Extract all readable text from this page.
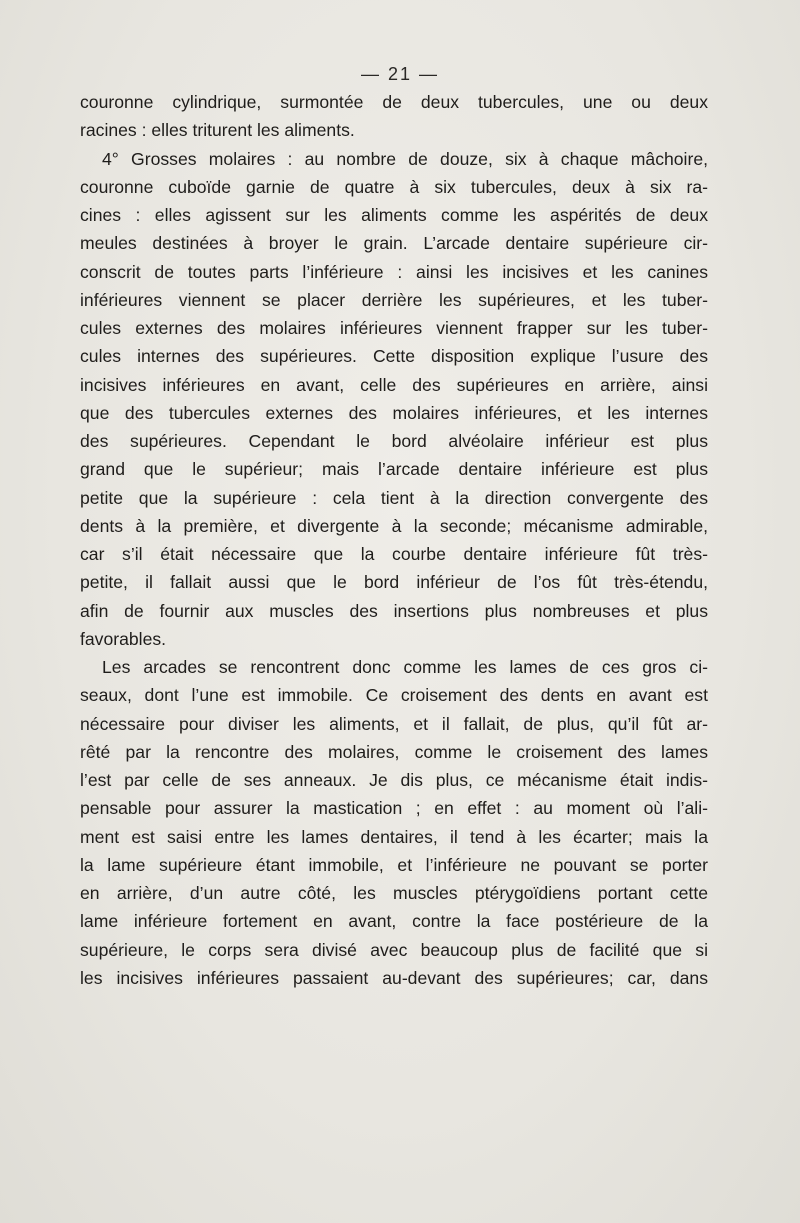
— 21 —
couronne cylindrique, surmontée de deux tubercules, une ou deux
racines : elles triturent les aliments.
4° Grosses molaires : au nombre de douze, six à chaque mâchoire,
couronne cuboïde garnie de quatre à six tubercules, deux à six ra-
cines : elles agissent sur les aliments comme les aspérités de deux
meules destinées à broyer le grain. L’arcade dentaire supérieure cir-
conscrit de toutes parts l’inférieure : ainsi les incisives et les canines
inférieures viennent se placer derrière les supérieures, et les tuber-
cules externes des molaires inférieures viennent frapper sur les tuber-
cules internes des supérieures. Cette disposition explique l’usure des
incisives inférieures en avant, celle des supérieures en arrière, ainsi
que des tubercules externes des molaires inférieures, et les internes
des supérieures. Cependant le bord alvéolaire inférieur est plus
grand que le supérieur; mais l’arcade dentaire inférieure est plus
petite que la supérieure : cela tient à la direction convergente des
dents à la première, et divergente à la seconde; mécanisme admirable,
car s’il était nécessaire que la courbe dentaire inférieure fût très-
petite, il fallait aussi que le bord inférieur de l’os fût très-étendu,
afin de fournir aux muscles des insertions plus nombreuses et plus
favorables.
Les arcades se rencontrent donc comme les lames de ces gros ci-
seaux, dont l’une est immobile. Ce croisement des dents en avant est
nécessaire pour diviser les aliments, et il fallait, de plus, qu’il fût ar-
rêté par la rencontre des molaires, comme le croisement des lames
l’est par celle de ses anneaux. Je dis plus, ce mécanisme était indis-
pensable pour assurer la mastication ; en effet : au moment où l’ali-
ment est saisi entre les lames dentaires, il tend à les écarter; mais la
la lame supérieure étant immobile, et l’inférieure ne pouvant se porter
en arrière, d’un autre côté, les muscles ptérygoïdiens portant cette
lame inférieure fortement en avant, contre la face postérieure de la
supérieure, le corps sera divisé avec beaucoup plus de facilité que si
les incisives inférieures passaient au-devant des supérieures; car, dans
